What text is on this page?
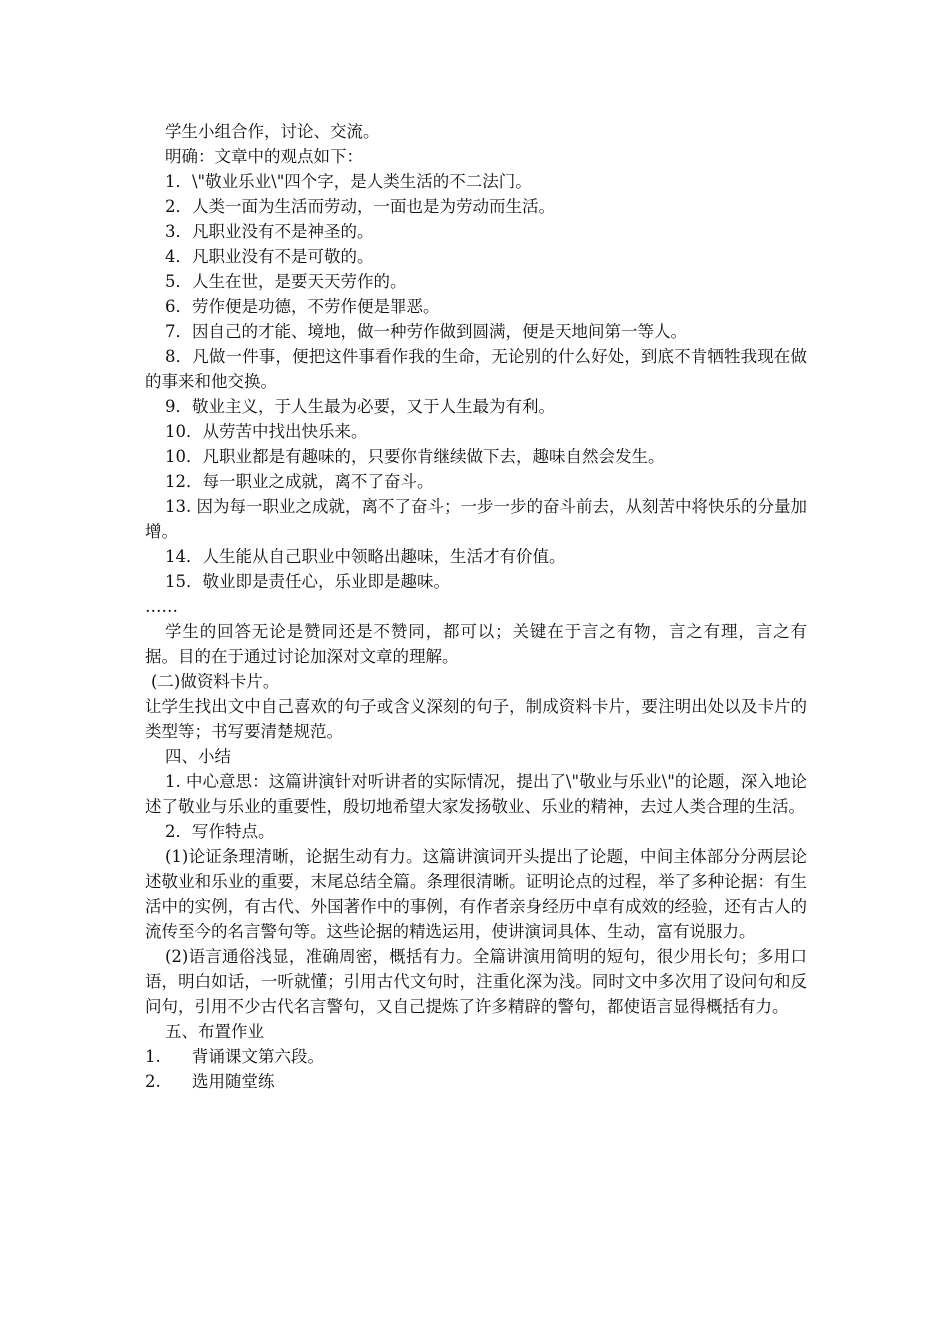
学生小组合作，讨论、交流。

明确：文章中的观点如下：

1．\"敬业乐业\"四个字，是人类生活的不二法门。

2．人类一面为生活而劳动，一面也是为劳动而生活。

3．凡职业没有不是神圣的。

4．凡职业没有不是可敬的。

5．人生在世，是要天天劳作的。

6．劳作便是功德，不劳作便是罪恶。

7．因自己的才能、境地，做一种劳作做到圆满，便是天地间第一等人。

8．凡做一件事，便把这件事看作我的生命，无论别的什么好处，到底不肯牺牲我现在做的事来和他交换。

9．敬业主义，于人生最为必要，又于人生最为有利。

10．从劳苦中找出快乐来。

10．凡职业都是有趣味的，只要你肯继续做下去，趣味自然会发生。

12．每一职业之成就，离不了奋斗。

13. 因为每一职业之成就，离不了奋斗；一步一步的奋斗前去，从刻苦中将快乐的分量加增。

14．人生能从自己职业中领略出趣味，生活才有价值。

15．敬业即是责任心，乐业即是趣味。

……

学生的回答无论是赞同还是不赞同，都可以；关键在于言之有物，言之有理，言之有据。目的在于通过讨论加深对文章的理解。

(二)做资料卡片。

让学生找出文中自己喜欢的句子或含义深刻的句子，制成资料卡片，要注明出处以及卡片的类型等；书写要清楚规范。

四、小结

1. 中心意思：这篇讲演针对听讲者的实际情况，提出了\"敬业与乐业\"的论题，深入地论述了敬业与乐业的重要性，殷切地希望大家发扬敬业、乐业的精神，去过人类合理的生活。

2．写作特点。

(1)论证条理清晰，论据生动有力。这篇讲演词开头提出了论题，中间主体部分分两层论述敬业和乐业的重要，末尾总结全篇。条理很清晰。证明论点的过程，举了多种论据：有生活中的实例，有古代、外国著作中的事例，有作者亲身经历中卓有成效的经验，还有古人的流传至今的名言警句等。这些论据的精选运用，使讲演词具体、生动，富有说服力。

(2)语言通俗浅显，准确周密，概括有力。全篇讲演用简明的短句，很少用长句；多用口语，明白如话，一听就懂；引用古代文句时，注重化深为浅。同时文中多次用了设问句和反问句，引用不少古代名言警句，又自己提炼了许多精辟的警句，都使语言显得概括有力。

五、布置作业

1.	背诵课文第六段。
2.	选用随堂练
